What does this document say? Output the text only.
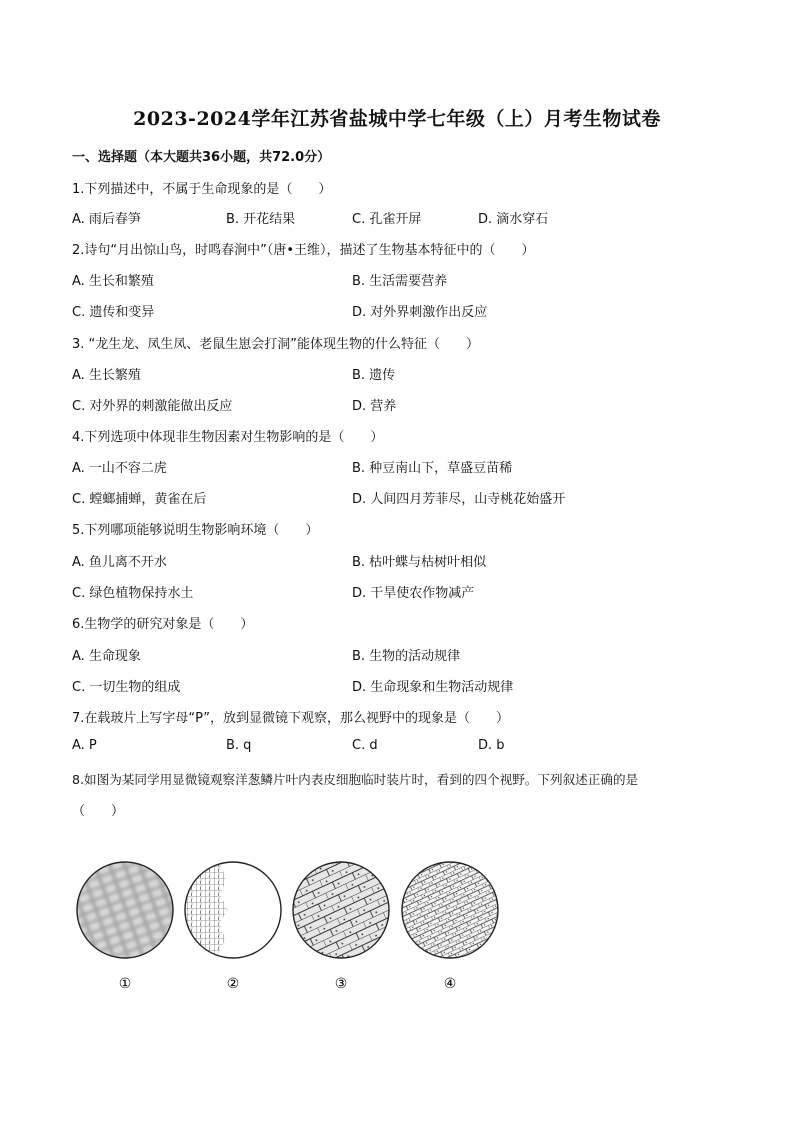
2023-2024学年江苏省盐城中学七年级（上）月考生物试卷
一、选择题（本大题共36小题，共72.0分）
1.下列描述中，不属于生命现象的是（　　）
A. 雨后春笋	B. 开花结果	C. 孔雀开屏	D. 滴水穿石
2.诗句“月出惊山鸟，时鸣春涧中”（唐•王维），描述了生物基本特征中的（　　）
A. 生长和繁殖	B. 生活需要营养
C. 遗传和变异	D. 对外界刺激作出反应
3. “龙生龙、凤生凤、老鼠生崽会打洞”能体现生物的什么特征（　　）
A. 生长繁殖	B. 遗传
C. 对外界的刺激能做出反应	D. 营养
4.下列选项中体现非生物因素对生物影响的是（　　）
A. 一山不容二虎	B. 种豆南山下，草盛豆苗稀
C. 螳螂捕蝉，黄雀在后	D. 人间四月芳菲尽，山寺桃花始盛开
5.下列哪项能够说明生物影响环境（　　）
A. 鱼儿离不开水	B. 枯叶蝶与枯树叶相似
C. 绿色植物保持水土	D. 干旱使农作物减产
6.生物学的研究对象是（　　）
A. 生命现象	B. 生物的活动规律
C. 一切生物的组成	D. 生命现象和生物活动规律
7.在载玻片上写字母“P”，放到显微镜下观察，那么视野中的现象是（　　）
A. P	B. q	C. d	D. b
8.如图为某同学用显微镜观察洋葱鳞片叶内表皮细胞临时装片时，看到的四个视野。下列叙述正确的是
（　　）
①	②	③	④
